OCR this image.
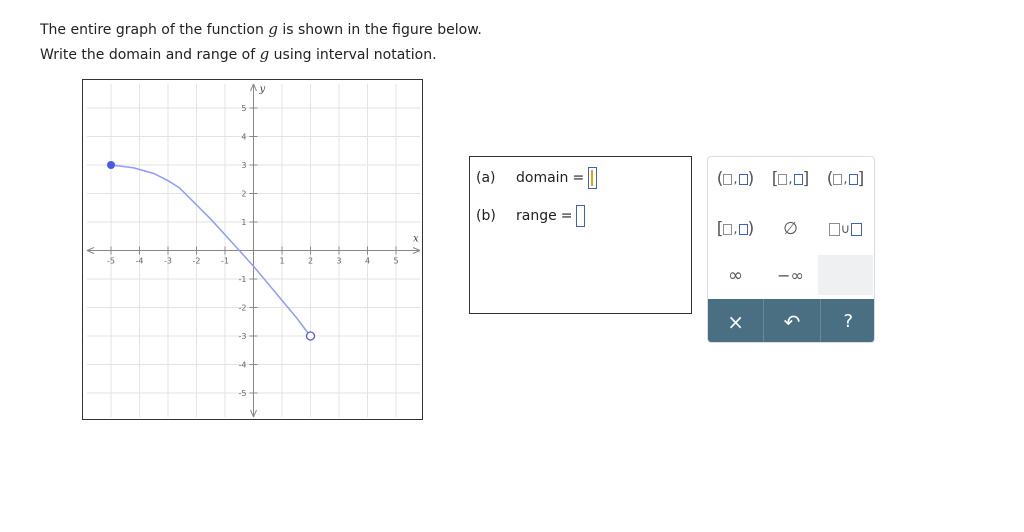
The entire graph of the function g is shown in the figure below.
Write the domain and range of g using interval notation.
x
y
-5	-4	-3	-2	-1	1	2	3	4	5
5
4
3
2
1
-1
-2
-3
-4
-5
(a)	domain =
(b)	range =
( , ) [ , ] ( , ]
[ , ) ∅	∪
∞ −∞
× ↶ ?
